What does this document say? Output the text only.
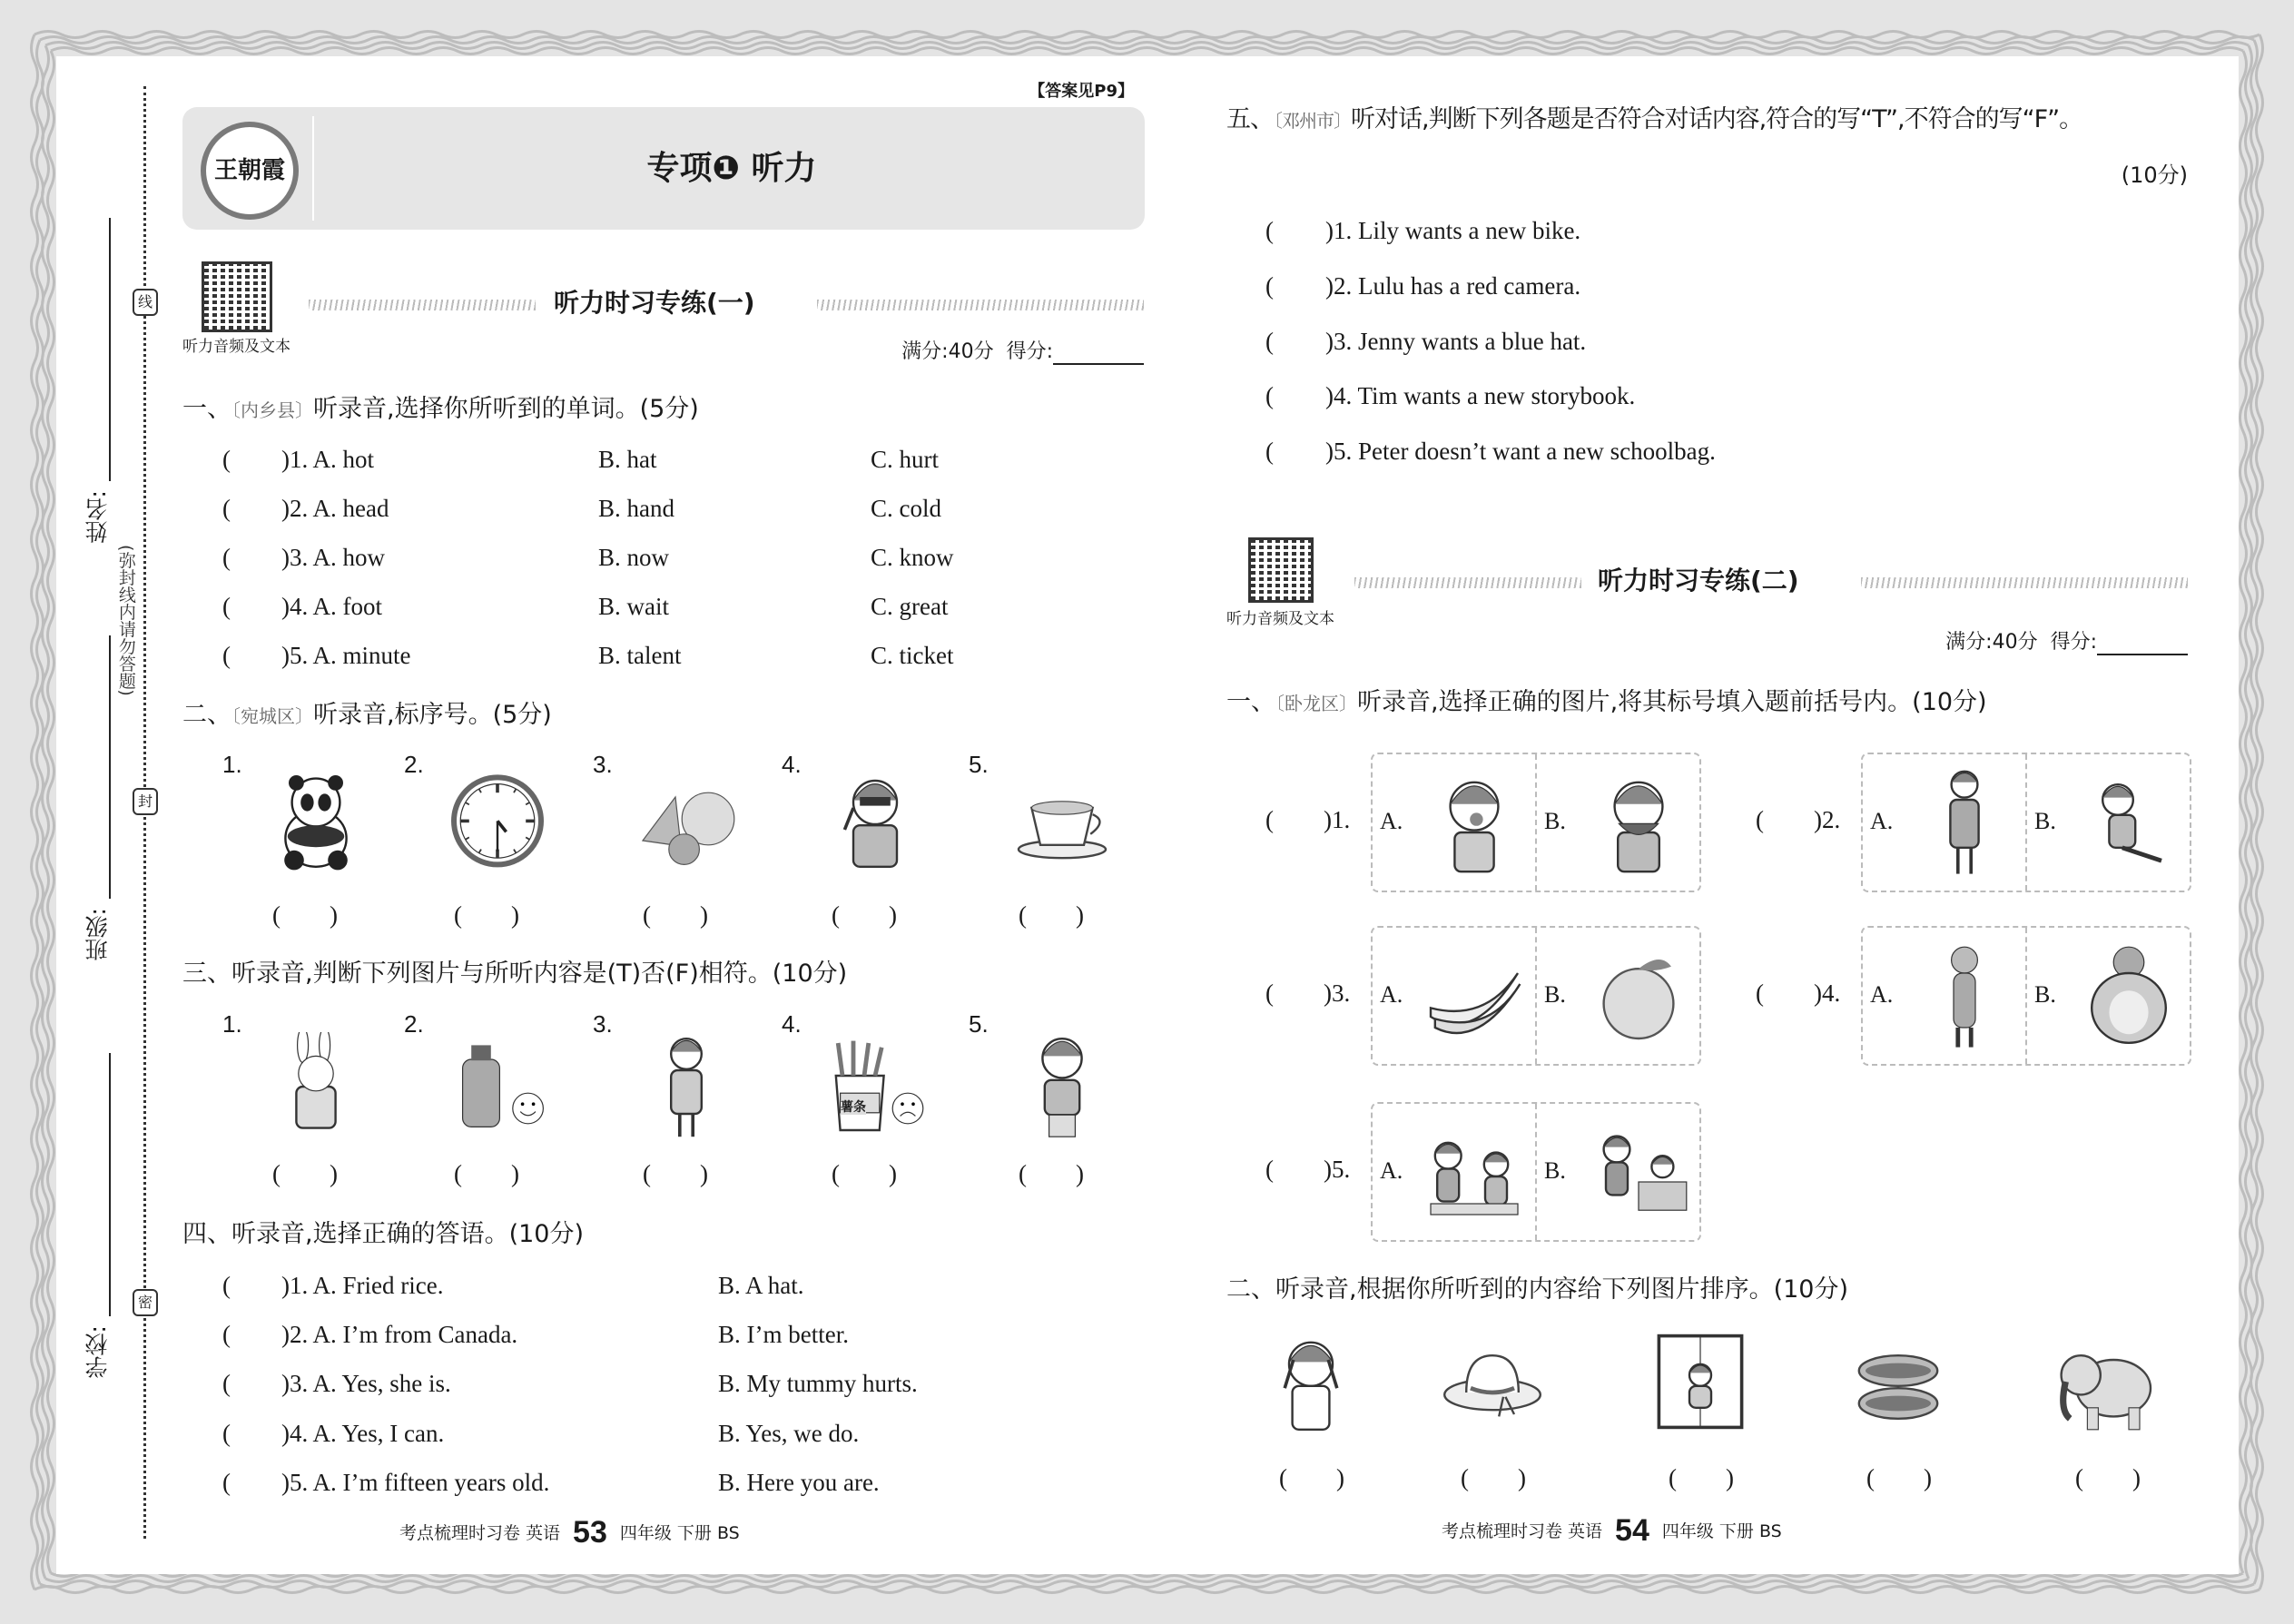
线
封
密
(弥封线内请勿答题)
姓名:
班级:
学校:
【答案见P9】
王朝霞	专项❶ 听力
听力音频及文本
听力时习专练(一)
满分:40分 得分:
一、〔内乡县〕听录音,选择你所听到的单词。(5分)
( )1. A. hot	B. hat	C. hurt
( )2. A. head	B. hand	C. cold
( )3. A. how	B. now	C. know
( )4. A. foot	B. wait	C. great
( )5. A. minute	B. talent	C. ticket
二、〔宛城区〕听录音,标序号。(5分)
1.
(        )
2.
(        )
3.
(        )
4.
(        )
5.
(        )
三、听录音,判断下列图片与所听内容是(T)否(F)相符。(10分)
1.
(        )
2.
(        )
3.
(        )
4.
薯条
(        )
5.
(        )
四、听录音,选择正确的答语。(10分)
( )1. A. Fried rice.	B. A hat.
( )2. A. I’m from Canada.	B. I’m better.
( )3. A. Yes, she is.	B. My tummy hurts.
( )4. A. Yes, I can.	B. Yes, we do.
( )5. A. I’m fifteen years old.	B. Here you are.
考点梳理时习卷 英语 53 四年级 下册 BS
五、〔邓州市〕听对话,判断下列各题是否符合对话内容,符合的写“T”,不符合的写“F”。
(10分)
( )1. Lily wants a new bike.
( )2. Lulu has a red camera.
( )3. Jenny wants a blue hat.
( )4. Tim wants a new storybook.
( )5. Peter doesn’t want a new schoolbag.
听力音频及文本
听力时习专练(二)
满分:40分 得分:
一、〔卧龙区〕听录音,选择正确的图片,将其标号填入题前括号内。(10分)
( )1. A.	B.	( )2. A.	B.
( )3. A.	B.	( )4. A.	B.
( )5. A.	B.
二、听录音,根据你所听到的内容给下列图片排序。(10分)
(        )	(        )	(        )	(        )	(        )
考点梳理时习卷 英语 54 四年级 下册 BS
